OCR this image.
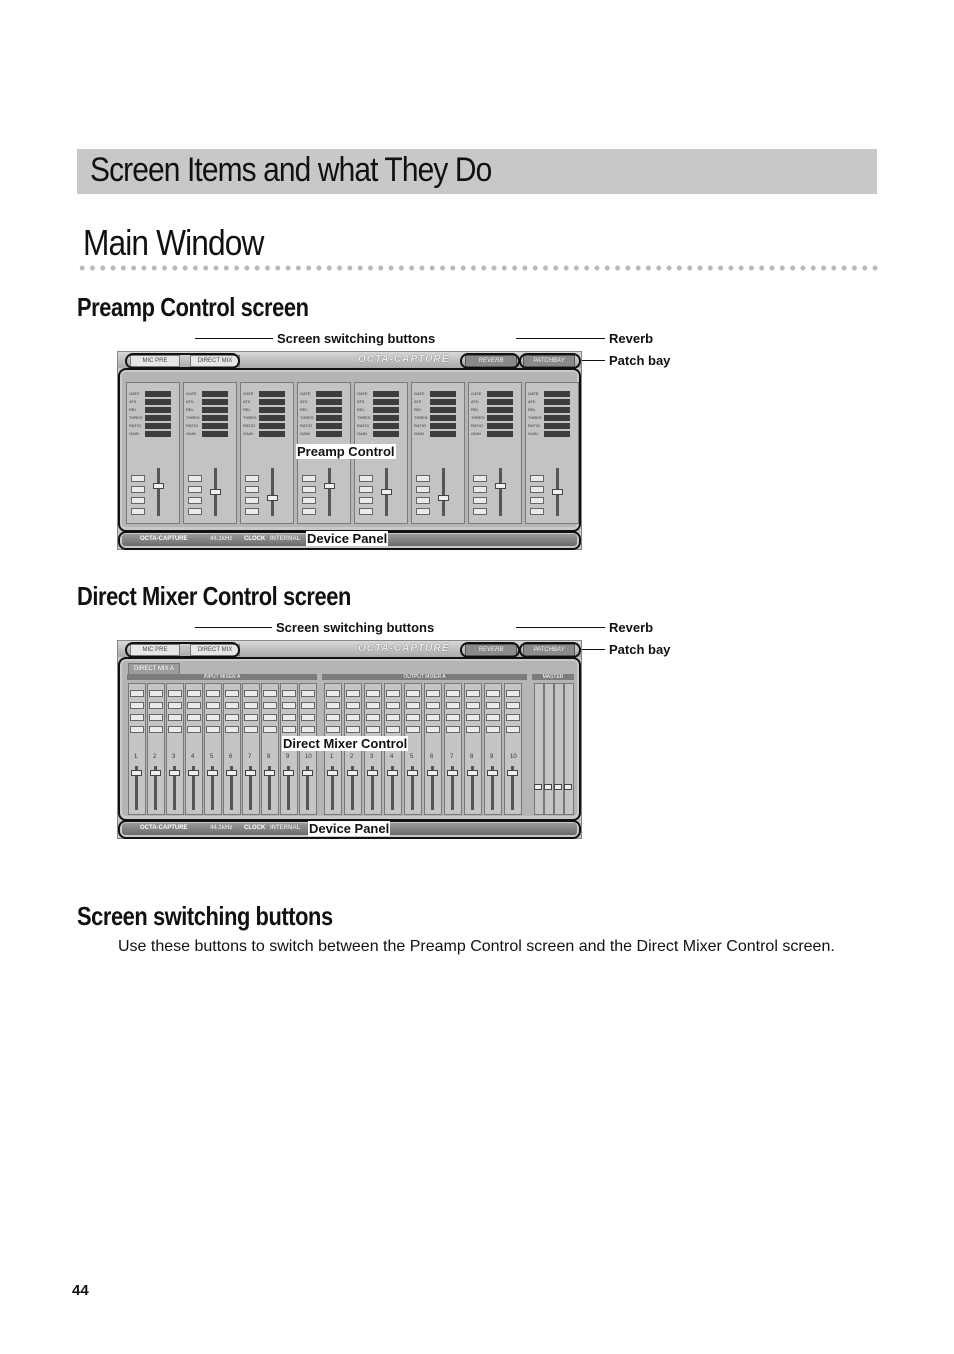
Screen Items and what They Do
Main Window
Preamp Control screen
Screen switching buttons	Reverb
Patch bay
MIC PRE	DIRECT MIX	OCTA-CAPTURE	REVERB	PATCHBAY
GATE
ATK
REL
THRES
RATIO
GAIN
GATE
ATK
REL
THRES
RATIO
GAIN
GATE
ATK
REL
THRES
RATIO
GAIN
GATE
ATK
REL
THRES
RATIO
GAIN
GATE
ATK
REL
THRES
RATIO
GAIN
GATE
ATK
REL
THRES
RATIO
GAIN
GATE
ATK
REL
THRES
RATIO
GAIN
GATE
ATK
REL
THRES
RATIO
GAIN
OCTA-CAPTURE	44.1kHz CLOCK INTERNAL
Preamp Control
Device Panel
Direct Mixer Control screen
Screen switching buttons	Reverb
Patch bay
MIC PRE	DIRECT MIX	OCTA-CAPTURE	REVERB	PATCHBAY
DIRECT MIX A
INPUT MIXER A	OUTPUT MIXER A	MASTER
1	2	3	4	5	6	7	8	9	10	1	2	3	4	5	6	7	8	9	10
OCTA-CAPTURE	44.1kHz CLOCK INTERNAL
Direct Mixer Control
Device Panel
Screen switching buttons
Use these buttons to switch between the Preamp Control screen and the Direct Mixer Control screen.
44
